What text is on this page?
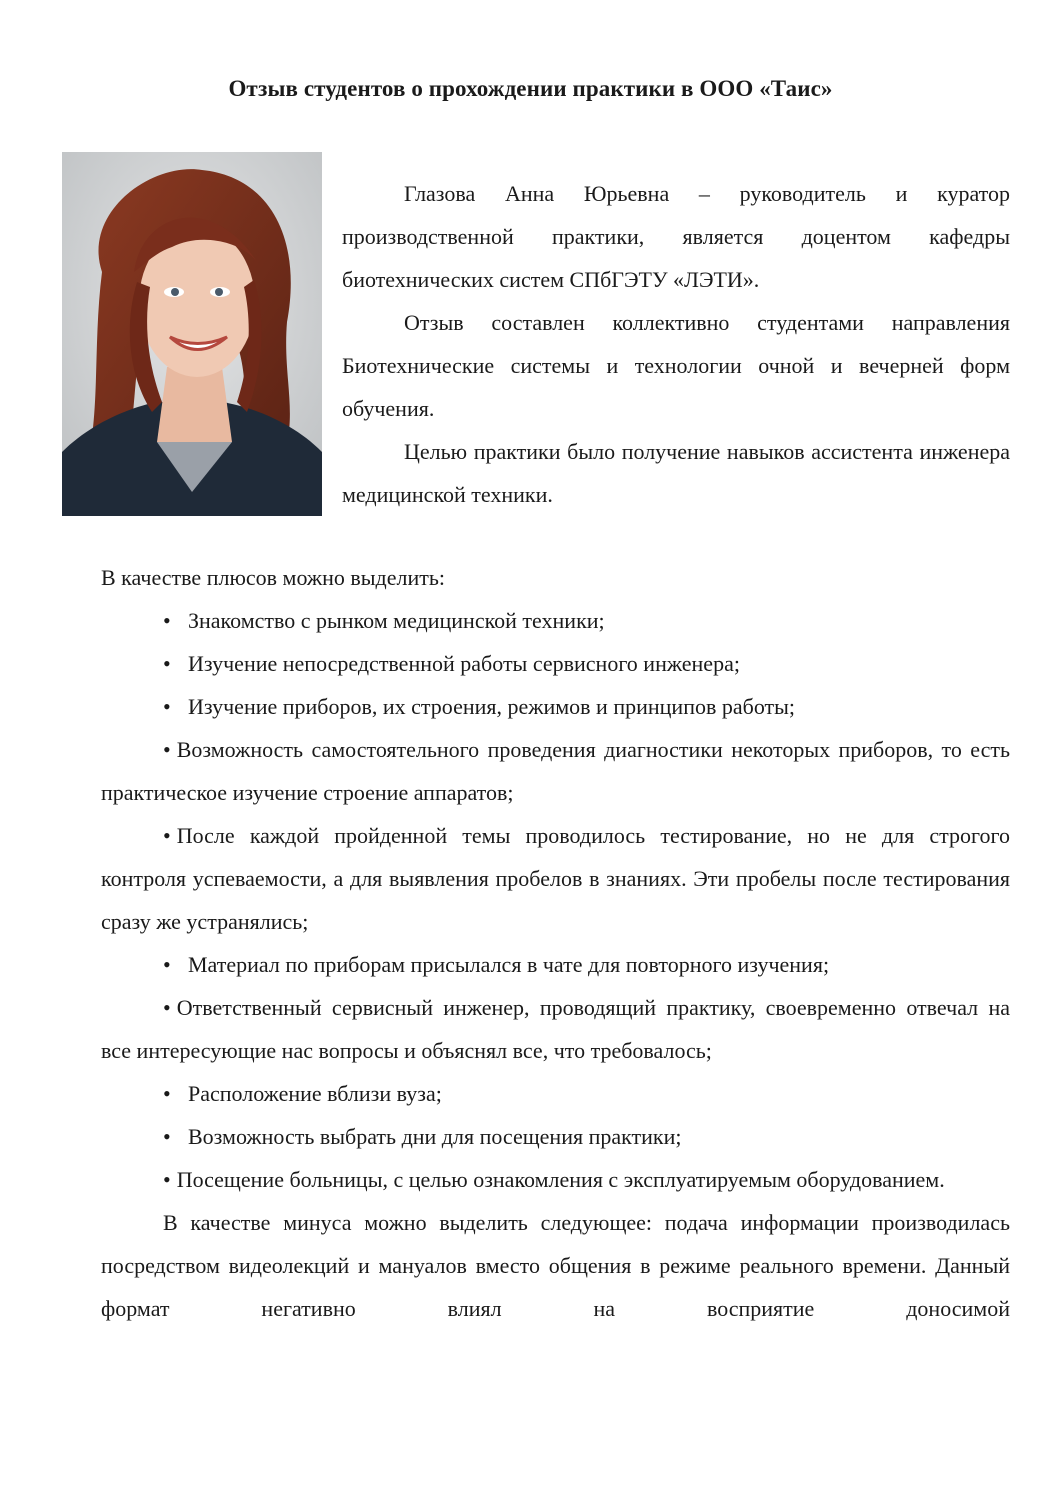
Отзыв студентов о прохождении практики в ООО «Таис»

Глазова Анна Юрьевна – руководитель и куратор производственной практики, является доцентом кафедры биотехнических систем СПбГЭТУ «ЛЭТИ».

Отзыв составлен коллективно студентами направления Биотехнические системы и технологии очной и вечерней форм обучения.

Целью практики было получение навыков ассистента инженера медицинской техники.

В качестве плюсов можно выделить:

• Знакомство с рынком медицинской техники;
• Изучение непосредственной работы сервисного инженера;
• Изучение приборов, их строения, режимов и принципов работы;
• Возможность самостоятельного проведения диагностики некоторых приборов, то есть практическое изучение строение аппаратов;
• После каждой пройденной темы проводилось тестирование, но не для строгого контроля успеваемости, а для выявления пробелов в знаниях. Эти пробелы после тестирования сразу же устранялись;
• Материал по приборам присылался в чате для повторного изучения;
• Ответственный сервисный инженер, проводящий практику, своевременно отвечал на все интересующие нас вопросы и объяснял все, что требовалось;
• Расположение вблизи вуза;
• Возможность выбрать дни для посещения практики;
• Посещение больницы, с целью ознакомления с эксплуатируемым оборудованием.

В качестве минуса можно выделить следующее: подача информации производилась посредством видеолекций и мануалов вместо общения в режиме реального времени. Данный формат негативно влиял на восприятие доносимой
